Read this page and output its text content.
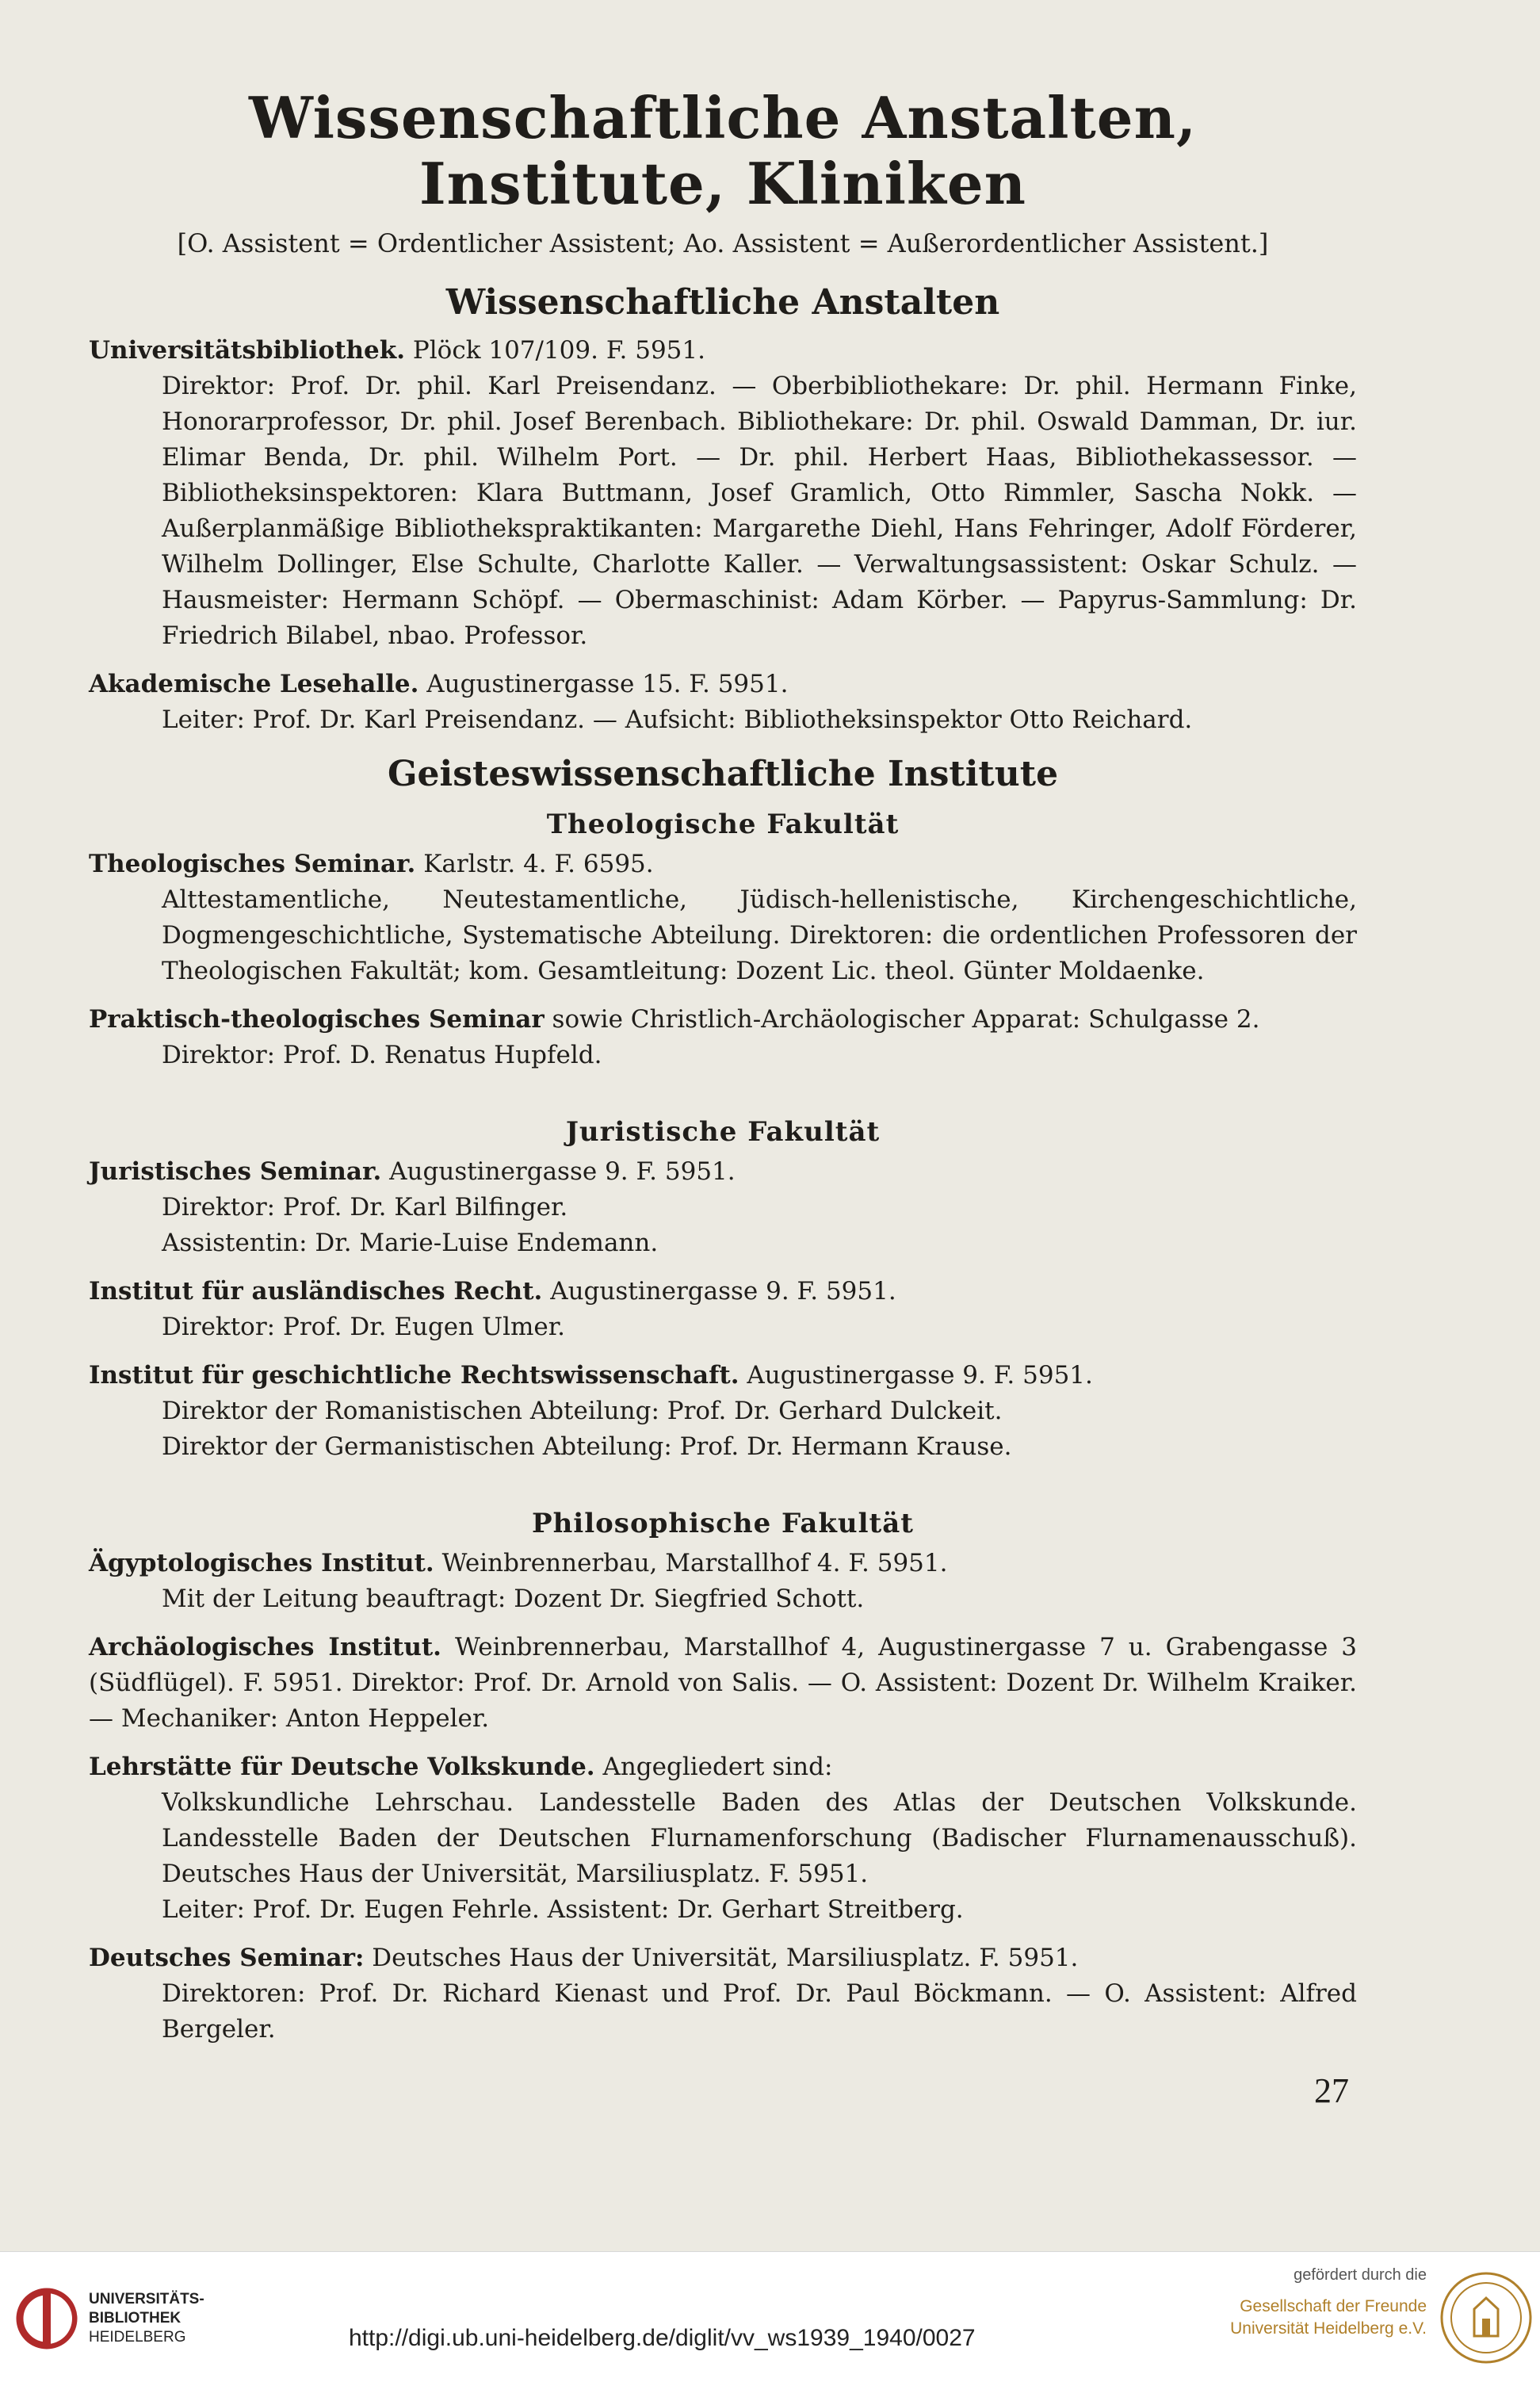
Wissenschaftliche Anstalten, Institute, Kliniken
[O. Assistent = Ordentlicher Assistent; Ao. Assistent = Außerordentlicher Assistent.]
Wissenschaftliche Anstalten

Universitätsbibliothek. Plöck 107/109. F. 5951.

Direktor: Prof. Dr. phil. Karl Preisendanz. — Oberbibliothekare: Dr. phil. Hermann Finke, Honorarprofessor, Dr. phil. Josef Berenbach. Bibliothekare: Dr. phil. Oswald Damman, Dr. iur. Elimar Benda, Dr. phil. Wilhelm Port. — Dr. phil. Herbert Haas, Bibliothekassessor. — Bibliotheksinspektoren: Klara Buttmann, Josef Gramlich, Otto Rimmler, Sascha Nokk. — Außerplanmäßige Bibliothekspraktikanten: Margarethe Diehl, Hans Fehringer, Adolf Förderer, Wilhelm Dollinger, Else Schulte, Charlotte Kaller. — Verwaltungsassistent: Oskar Schulz. — Hausmeister: Hermann Schöpf. — Obermaschinist: Adam Körber. — Papyrus-Sammlung: Dr. Friedrich Bilabel, nbao. Professor.

Akademische Lesehalle. Augustinergasse 15. F. 5951.

Leiter: Prof. Dr. Karl Preisendanz. — Aufsicht: Bibliotheksinspektor Otto Reichard.

Geisteswissenschaftliche Institute
Theologische Fakultät

Theologisches Seminar. Karlstr. 4. F. 6595.

Alttestamentliche, Neutestamentliche, Jüdisch-hellenistische, Kirchengeschichtliche, Dogmengeschichtliche, Systematische Abteilung. Direktoren: die ordentlichen Professoren der Theologischen Fakultät; kom. Gesamtleitung: Dozent Lic. theol. Günter Moldaenke.

Praktisch-theologisches Seminar sowie Christlich-Archäologischer Apparat: Schulgasse 2.

Direktor: Prof. D. Renatus Hupfeld.

Juristische Fakultät

Juristisches Seminar. Augustinergasse 9. F. 5951.

Direktor: Prof. Dr. Karl Bilfinger.

Assistentin: Dr. Marie-Luise Endemann.

Institut für ausländisches Recht. Augustinergasse 9. F. 5951.

Direktor: Prof. Dr. Eugen Ulmer.

Institut für geschichtliche Rechtswissenschaft. Augustinergasse 9. F. 5951.

Direktor der Romanistischen Abteilung: Prof. Dr. Gerhard Dulckeit.

Direktor der Germanistischen Abteilung: Prof. Dr. Hermann Krause.

Philosophische Fakultät

Ägyptologisches Institut. Weinbrennerbau, Marstallhof 4. F. 5951.

Mit der Leitung beauftragt: Dozent Dr. Siegfried Schott.

Archäologisches Institut. Weinbrennerbau, Marstallhof 4, Augustinergasse 7 u. Grabengasse 3 (Südflügel). F. 5951. Direktor: Prof. Dr. Arnold von Salis. — O. Assistent: Dozent Dr. Wilhelm Kraiker. — Mechaniker: Anton Heppeler.

Lehrstätte für Deutsche Volkskunde. Angegliedert sind:

Volkskundliche Lehrschau. Landesstelle Baden des Atlas der Deutschen Volkskunde. Landesstelle Baden der Deutschen Flurnamenforschung (Badischer Flurnamenausschuß). Deutsches Haus der Universität, Marsiliusplatz. F. 5951.

Leiter: Prof. Dr. Eugen Fehrle. Assistent: Dr. Gerhart Streitberg.

Deutsches Seminar: Deutsches Haus der Universität, Marsiliusplatz. F. 5951.

Direktoren: Prof. Dr. Richard Kienast und Prof. Dr. Paul Böckmann. — O. Assistent: Alfred Bergeler.

27
UNIVERSITÄTS-
BIBLIOTHEK
HEIDELBERG	http://digi.ub.uni-heidelberg.de/diglit/vv_ws1939_1940/0027
gefördert durch die
Gesellschaft der Freunde
Universität Heidelberg e.V.
